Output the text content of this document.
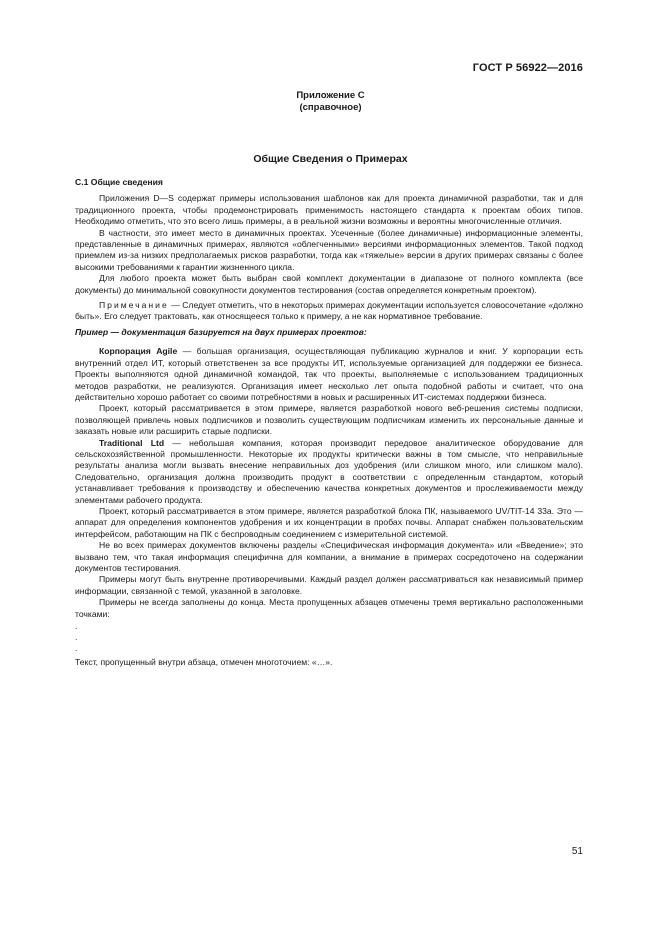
ГОСТ Р 56922—2016
Приложение С
(справочное)
Общие Сведения о Примерах

С.1 Общие сведения

Приложения D—S содержат примеры использования шаблонов как для проекта динамичной разработки, так и для традиционного проекта, чтобы продемонстрировать применимость настоящего стандарта к проектам обоих типов. Необходимо отметить, что это всего лишь примеры, а в реальной жизни возможны и вероятны многочисленные отличия.

В частности, это имеет место в динамичных проектах. Усеченные (более динамичные) информационные элементы, представленные в динамичных примерах, являются «облегченными» версиями информационных элементов. Такой подход приемлем из-за низких предполагаемых рисков разработки, тогда как «тяжелые» версии в других примерах связаны с более высокими требованиями к гарантии жизненного цикла.

Для любого проекта может быть выбран свой комплект документации в диапазоне от полного комплекта (все документы) до минимальной совокупности документов тестирования (состав определяется конкретным проектом).

Примечание — Следует отметить, что в некоторых примерах документации используется словосочетание «должно быть». Его следует трактовать, как относящееся только к примеру, а не как нормативное требование.

Пример — документация базируется на двух примерах проектов:

Корпорация Agile — большая организация, осуществляющая публикацию журналов и книг. У корпорации есть внутренний отдел ИТ, который ответственен за все продукты ИТ, используемые организацией для поддержки ее бизнеса. Проекты выполняются одной динамичной командой, так что проекты, выполняемые с использованием традиционных методов разработки, не реализуются. Организация имеет несколько лет опыта подобной работы и считает, что она действительно хорошо работает со своими потребностями в новых и расширенных ИТ-системах поддержки бизнеса.

Проект, который рассматривается в этом примере, является разработкой нового веб-решения системы подписки, позволяющей привлечь новых подписчиков и позволить существующим подписчикам изменить их персональные данные и заказать новые или расширить старые подписки.

Traditional Ltd — небольшая компания, которая производит передовое аналитическое оборудование для сельскохозяйственной промышленности. Некоторые их продукты критически важны в том смысле, что неправильные результаты анализа могли вызвать внесение неправильных доз удобрения (или слишком много, или слишком мало). Следовательно, организация должна производить продукт в соответствии с определенным стандартом, который устанавливает требования к производству и обеспечению качества конкретных документов и прослеживаемости между элементами рабочего продукта.

Проект, который рассматривается в этом примере, является разработкой блока ПК, называемого UV/TIT-14 33a. Это — аппарат для определения компонентов удобрения и их концентрации в пробах почвы. Аппарат снабжен пользовательским интерфейсом, работающим на ПК с беспроводным соединением с измерительной системой.

Не во всех примерах документов включены разделы «Специфическая информация документа» или «Введение»; это вызвано тем, что такая информация специфична для компании, а внимание в примерах сосредоточено на содержании документов тестирования.

Примеры могут быть внутренне противоречивыми. Каждый раздел должен рассматриваться как независимый пример информации, связанной с темой, указанной в заголовке.

Примеры не всегда заполнены до конца. Места пропущенных абзацев отмечены тремя вертикально расположенными точками:

.
.
.

Текст, пропущенный внутри абзаца, отмечен многоточием: «…».

51
